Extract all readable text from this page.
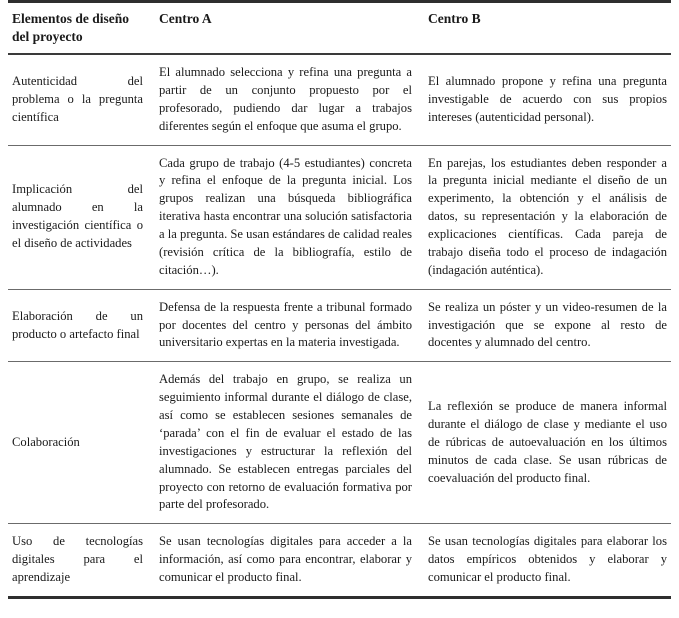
Elementos de diseño del proyecto	Centro A	Centro B
Autenticidad del problema o la pregunta científica	El alumnado selecciona y refina una pregunta a partir de un conjunto propuesto por el profesorado, pudiendo dar lugar a trabajos diferentes según el enfoque que asuma el grupo.	El alumnado propone y refina una pregunta investigable de acuerdo con sus propios intereses (autenticidad personal).
Implicación del alumnado en la investigación científica o el diseño de actividades	Cada grupo de trabajo (4-5 estudiantes) concreta y refina el enfoque de la pregunta inicial. Los grupos realizan una búsqueda bibliográfica iterativa hasta encontrar una solución satisfactoria a la pregunta. Se usan estándares de calidad reales (revisión crítica de la bibliografía, estilo de citación…).	En parejas, los estudiantes deben responder a la pregunta inicial mediante el diseño de un experimento, la obtención y el análisis de datos, su representación y la elaboración de explicaciones científicas. Cada pareja de trabajo diseña todo el proceso de indagación (indagación auténtica).
Elaboración de un producto o artefacto final	Defensa de la respuesta frente a tribunal formado por docentes del centro y personas del ámbito universitario expertas en la materia investigada.	Se realiza un póster y un video-resumen de la investigación que se expone al resto de docentes y alumnado del centro.
Colaboración	Además del trabajo en grupo, se realiza un seguimiento informal durante el diálogo de clase, así como se establecen sesiones semanales de ‘parada’ con el fin de evaluar el estado de las investigaciones y estructurar la reflexión del alumnado. Se establecen entregas parciales del proyecto con retorno de evaluación formativa por parte del profesorado.	La reflexión se produce de manera informal durante el diálogo de clase y mediante el uso de rúbricas de autoevaluación en los últimos minutos de cada clase. Se usan rúbricas de coevaluación del producto final.
Uso de tecnologías digitales para el aprendizaje	Se usan tecnologías digitales para acceder a la información, así como para encontrar, elaborar y comunicar el producto final.	Se usan tecnologías digitales para elaborar los datos empíricos obtenidos y elaborar y comunicar el producto final.
